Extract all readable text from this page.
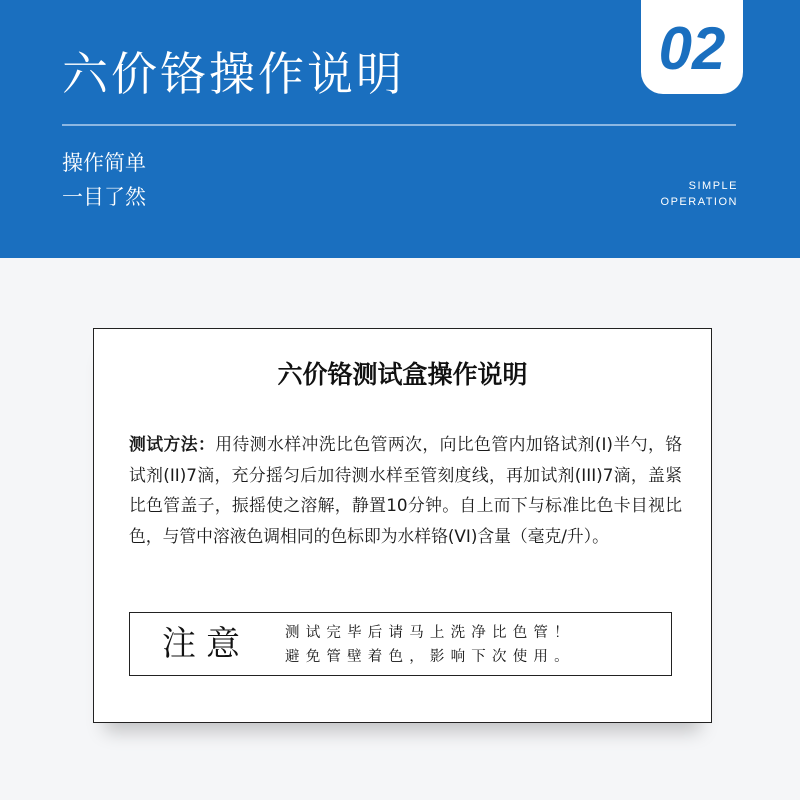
六价铬操作说明	02
操作简单
一目了然	SIMPLE
OPERATION
六价铬测试盒操作说明
测试方法：用待测水样冲洗比色管两次，向比色管内加铬试剂(I)半勺，铬试剂(II)7滴，充分摇匀后加待测水样至管刻度线，再加试剂(III)7滴，盖紧比色管盖子，振摇使之溶解，静置10分钟。自上而下与标准比色卡目视比色，与管中溶液色调相同的色标即为水样铬(VI)含量（毫克/升）。
注意 测试完毕后请马上洗净比色管！
避免管壁着色，影响下次使用。
